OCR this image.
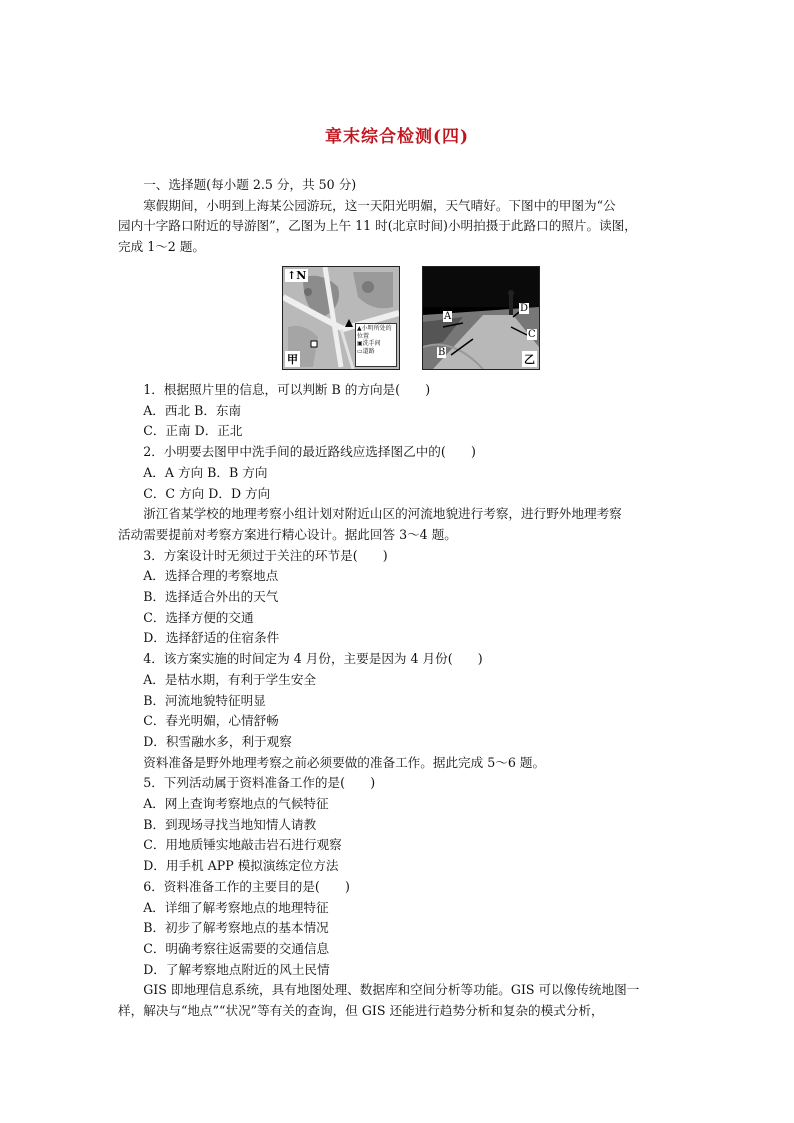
章末综合检测(四)
一、选择题(每小题 2.5 分，共 50 分)
寒假期间，小明到上海某公园游玩，这一天阳光明媚，天气晴好。下图中的甲图为“公
园内十字路口附近的导游图”，乙图为上午 11 时(北京时间)小明拍摄于此路口的照片。读图，
完成 1～2 题。
↑N
甲
▲小明所处的位置
▣洗手间
▭道路
A
B
C
D
乙
1．根据照片里的信息，可以判断 B 的方向是(　　)
A．西北 B．东南
C．正南 D．正北
2．小明要去图甲中洗手间的最近路线应选择图乙中的(　　)
A．A 方向 B．B 方向
C．C 方向 D．D 方向
浙江省某学校的地理考察小组计划对附近山区的河流地貌进行考察，进行野外地理考察
活动需要提前对考察方案进行精心设计。据此回答 3～4 题。
3．方案设计时无须过于关注的环节是(　　)
A．选择合理的考察地点
B．选择适合外出的天气
C．选择方便的交通
D．选择舒适的住宿条件
4．该方案实施的时间定为 4 月份，主要是因为 4 月份(　　)
A．是枯水期，有利于学生安全
B．河流地貌特征明显
C．春光明媚，心情舒畅
D．积雪融水多，利于观察
资料准备是野外地理考察之前必须要做的准备工作。据此完成 5～6 题。
5．下列活动属于资料准备工作的是(　　)
A．网上查询考察地点的气候特征
B．到现场寻找当地知情人请教
C．用地质锤实地敲击岩石进行观察
D．用手机 APP 模拟演练定位方法
6．资料准备工作的主要目的是(　　)
A．详细了解考察地点的地理特征
B．初步了解考察地点的基本情况
C．明确考察往返需要的交通信息
D．了解考察地点附近的风土民情
GIS 即地理信息系统，具有地图处理、数据库和空间分析等功能。GIS 可以像传统地图一
样，解决与“地点”“状况”等有关的查询，但 GIS 还能进行趋势分析和复杂的模式分析，
